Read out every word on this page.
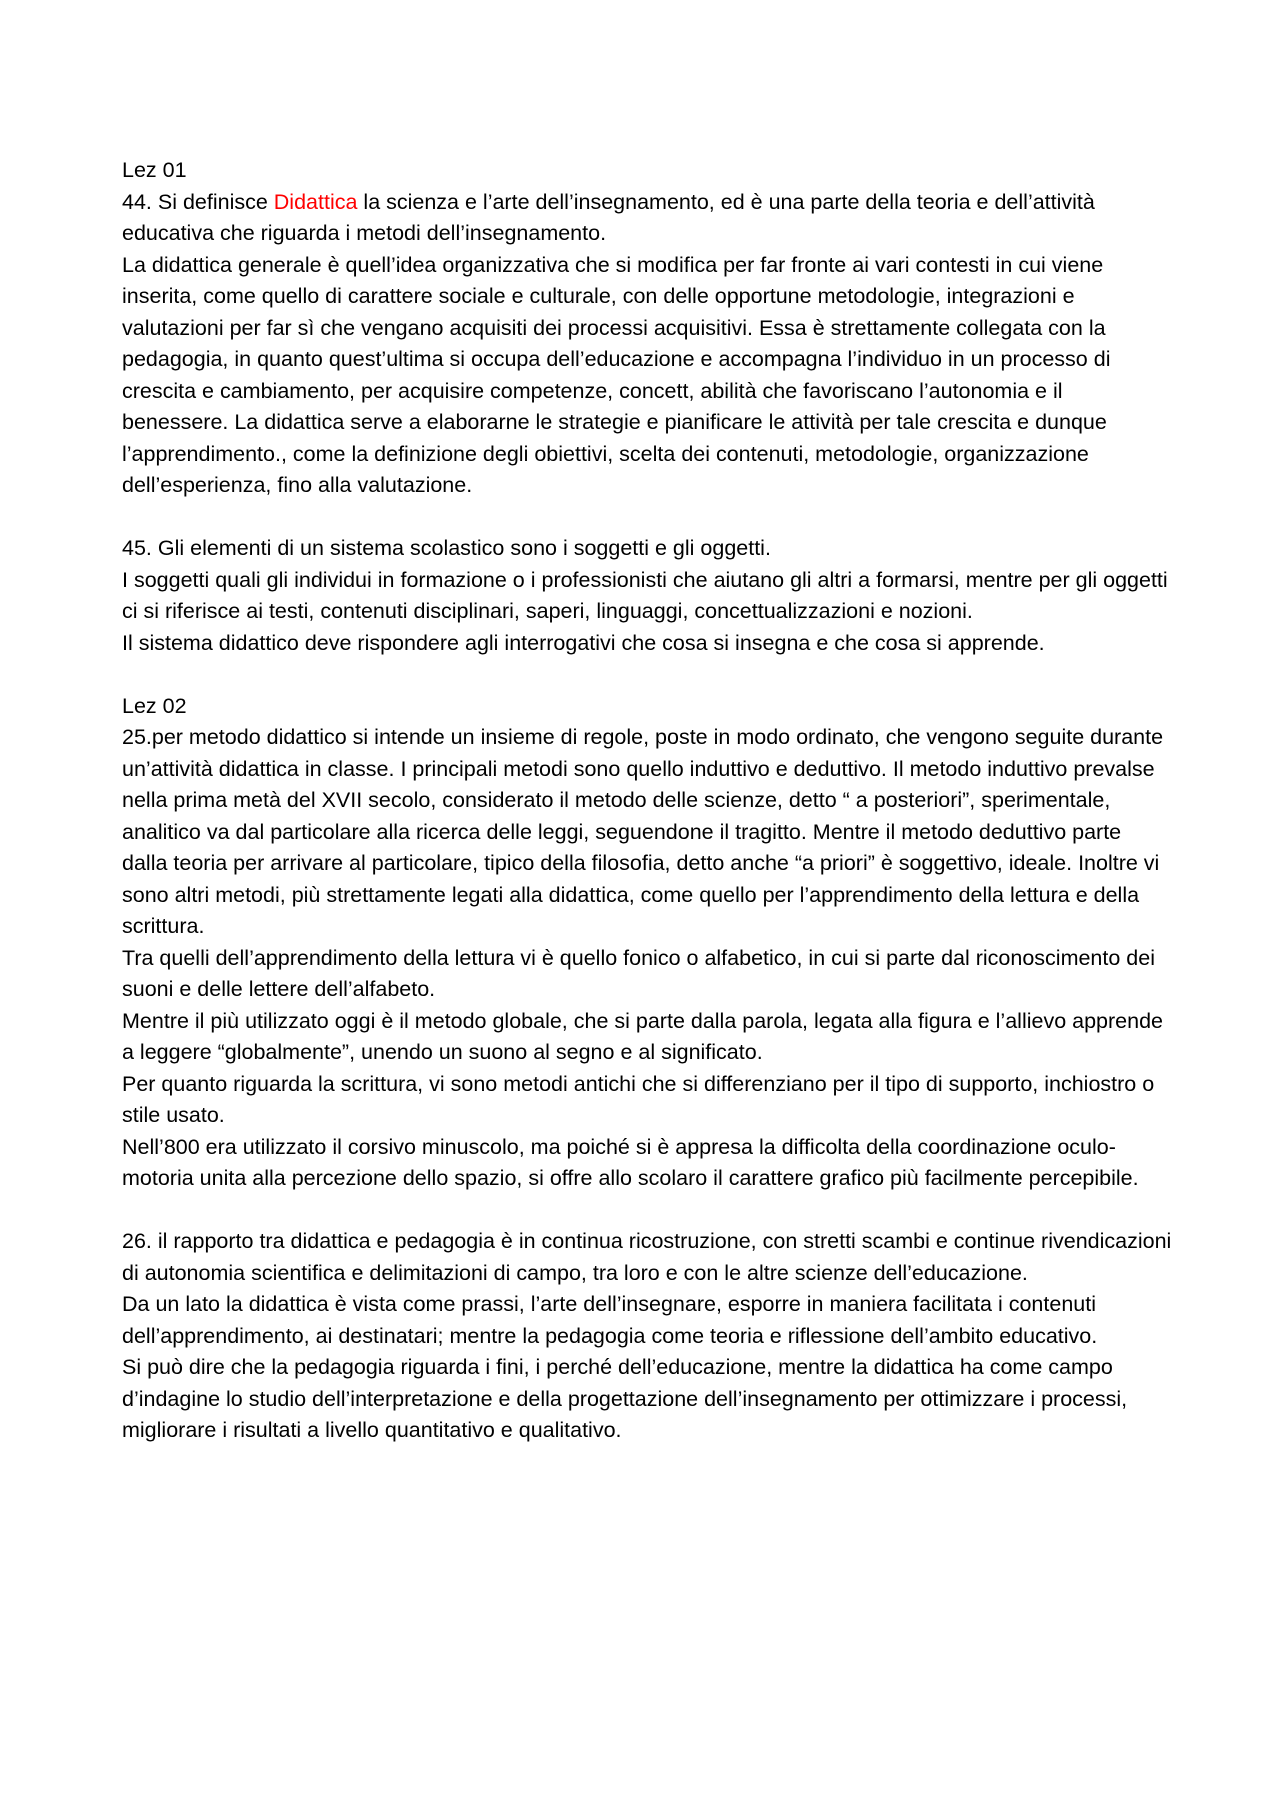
Lez 01

44. Si definisce Didattica la scienza e l’arte dell’insegnamento, ed è una parte della teoria e dell’attività educativa che riguarda i metodi dell’insegnamento.

La didattica generale è quell’idea organizzativa che si modifica per far fronte ai vari contesti in cui viene inserita, come quello di carattere sociale e culturale, con delle opportune metodologie, integrazioni e valutazioni per far sì che vengano acquisiti dei processi acquisitivi. Essa è strettamente collegata con la pedagogia, in quanto quest’ultima si occupa dell’educazione e accompagna l’individuo in un processo di crescita e cambiamento, per acquisire competenze, concett, abilità che favoriscano l’autonomia e il benessere. La didattica serve a elaborarne le strategie e pianificare le attività per tale crescita e dunque l’apprendimento., come la definizione degli obiettivi, scelta dei contenuti, metodologie, organizzazione dell’esperienza, fino alla valutazione.

45. Gli elementi di un sistema scolastico sono i soggetti e gli oggetti.

I soggetti quali gli individui in formazione o i professionisti che aiutano gli altri a formarsi, mentre per gli oggetti ci si riferisce ai testi, contenuti disciplinari, saperi, linguaggi, concettualizzazioni e nozioni.

Il sistema didattico deve rispondere agli interrogativi che cosa si insegna e che cosa si apprende.

Lez 02

25.per metodo didattico si intende un insieme di regole, poste in modo ordinato, che vengono seguite durante un’attività didattica in classe. I principali metodi sono quello induttivo e deduttivo. Il metodo induttivo prevalse nella prima metà del XVII secolo, considerato il metodo delle scienze, detto “ a posteriori”, sperimentale, analitico va dal particolare alla ricerca delle leggi, seguendone il tragitto. Mentre il metodo deduttivo parte dalla teoria per arrivare al particolare, tipico della filosofia, detto anche “a priori” è soggettivo, ideale. Inoltre vi sono altri metodi, più strettamente legati alla didattica, come quello per l’apprendimento della lettura e della scrittura.

Tra quelli dell’apprendimento della lettura vi è quello fonico o alfabetico, in cui si parte dal riconoscimento dei suoni e delle lettere dell’alfabeto.

Mentre il più utilizzato oggi è il metodo globale, che si parte dalla parola, legata alla figura e l’allievo apprende a leggere “globalmente”, unendo un suono al segno e al significato.

Per quanto riguarda la scrittura, vi sono metodi antichi che si differenziano per il tipo di supporto, inchiostro o stile usato.

Nell’800 era utilizzato il corsivo minuscolo, ma poiché si è appresa la difficolta della coordinazione oculo-motoria unita alla percezione dello spazio, si offre allo scolaro il carattere grafico più facilmente percepibile.

26. il rapporto tra didattica e pedagogia è in continua ricostruzione, con stretti scambi e continue rivendicazioni di autonomia scientifica e delimitazioni di campo, tra loro e con le altre scienze dell’educazione.

Da un lato la didattica è vista come prassi, l’arte dell’insegnare, esporre in maniera facilitata i contenuti dell’apprendimento, ai destinatari; mentre la pedagogia come teoria e riflessione dell’ambito educativo.

Si può dire che la pedagogia riguarda i fini, i perché dell’educazione, mentre la didattica ha come campo d’indagine lo studio dell’interpretazione e della progettazione dell’insegnamento per ottimizzare i processi, migliorare i risultati a livello quantitativo e qualitativo.
